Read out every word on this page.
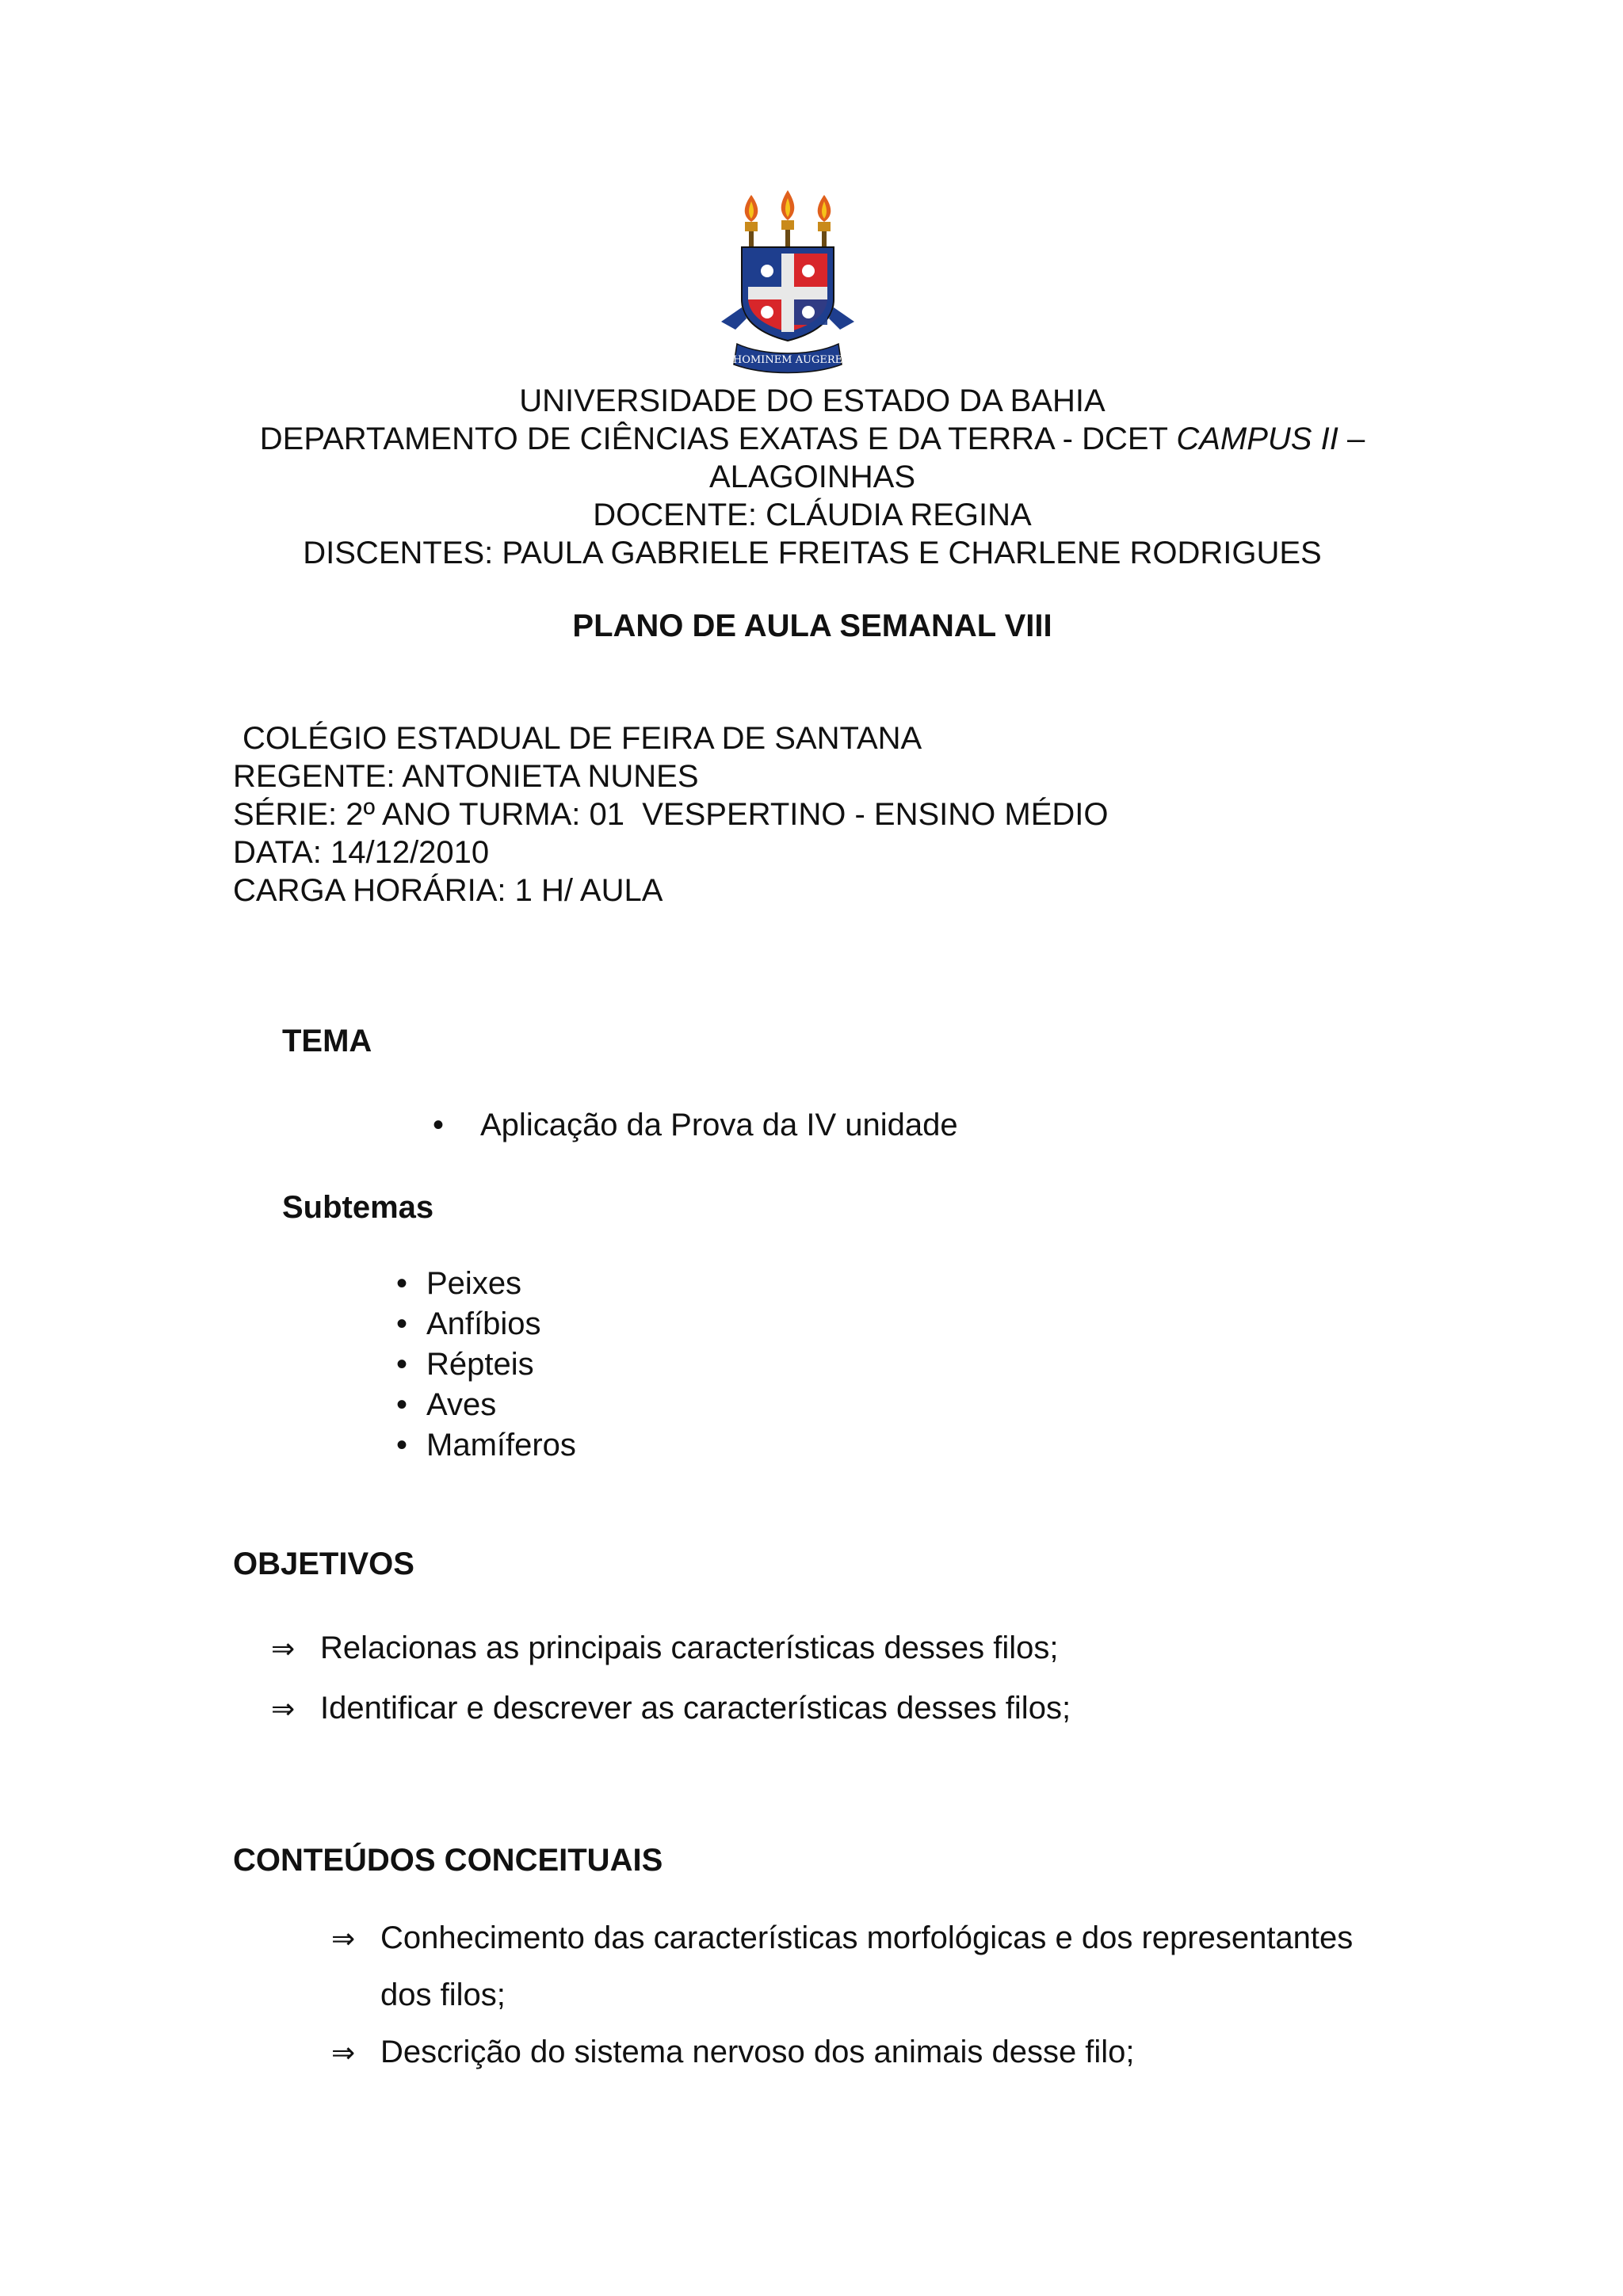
HOMINEM AUGERE
UNIVERSIDADE DO ESTADO DA BAHIA
DEPARTAMENTO DE CIÊNCIAS EXATAS E DA TERRA - DCET CAMPUS II –
ALAGOINHAS
DOCENTE: CLÁUDIA REGINA
DISCENTES: PAULA GABRIELE FREITAS E CHARLENE RODRIGUES
PLANO DE AULA SEMANAL VIII
COLÉGIO ESTADUAL DE FEIRA DE SANTANA
REGENTE: ANTONIETA NUNES
SÉRIE: 2º ANO TURMA: 01  VESPERTINO - ENSINO MÉDIO
DATA: 14/12/2010
CARGA HORÁRIA: 1 H/ AULA
TEMA
• Aplicação da Prova da IV unidade
Subtemas
• Peixes
• Anfíbios
• Répteis
• Aves
• Mamíferos
OBJETIVOS
⇒ Relacionas as principais características desses filos;
⇒ Identificar e descrever as características desses filos;
CONTEÚDOS CONCEITUAIS
⇒ Conhecimento das características morfológicas e dos representantes dos filos;
⇒ Descrição do sistema nervoso dos animais desse filo;
